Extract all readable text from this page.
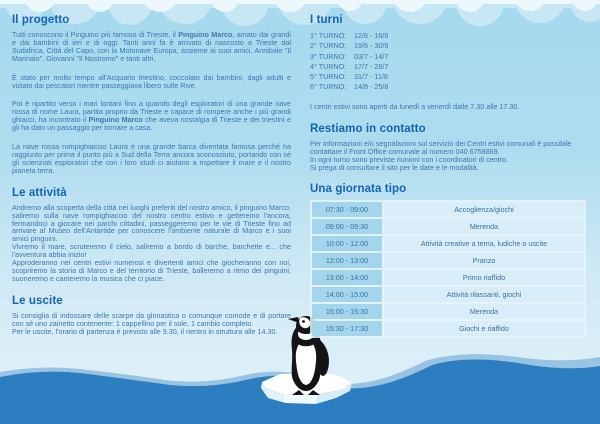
Il progetto

Tutti conoscono il Pinguino più famoso di Trieste, il Pinguino Marco, amato dai grandi e dai bambini di ieri e di oggi. Tanti anni fa è arrivato di nascosto a Trieste dal Sudafrica, Città del Capo, con la Motonave Europa, assieme ai suoi amici, Annibale "Il Marinaio", Giovanni "Il Nostromo" e tanti altri.

È stato per molto tempo all'Acquario triestino, coccolato dai bambini, dagli adulti e viziato dai pescatori mentre passeggiava libero sulle Rive.

Poi è ripartito verso i mari lontani fino a quando degli esploratori di una grande nave rossa di nome Laura, partita proprio da Trieste e capace di rompere anche i più grandi ghiacci, ha incontrato il Pinguino Marco che aveva nostalgia di Trieste e dei triestini e gli ha dato un passaggio per tornare a casa.

La nave rossa rompighiaccio Laura è una grande barca diventata famosa perché ha raggiunto per prima il punto più a Sud della Terra ancora sconosciuto, portando con sé gli scienziati esploratori che con i loro studi ci aiutano a rispettare il mare e il nostro pianeta terra.

Le attività

Andremo alla scoperta della città nei luoghi preferiti del nostro amico, il pinguino Marco, saliremo sulla nave rompighiaccio del nostro centro estivo e getteremo l'ancora, fermandoci a giocare nei parchi cittadini, passeggeremo per le vie di Trieste fino ad arrivare al Museo dell'Antartide per conoscere l'ambiente naturale di Marco e i suoi amici pinguini.

Vivremo il mare, scruteremo il cielo, saliremo a bordo di barche, barchette e... che l'avventura abbia inizio!

Approderanno nei centri estivi numerosi e divertenti amici che giocheranno con noi, scopriremo la storia di Marco e del territorio di Trieste, balleremo a ritmo dei pinguini, suoneremo e canteremo la musica che ci piace.

Le uscite

Si consiglia di indossare delle scarpe da ginnastica o comunque comode e di portare con sé uno zainetto contenente: 1 cappellino per il sole, 1 cambio completo.

Per le uscite, l'orario di partenza è previsto alle 9.30, il rientro in struttura alle 14.30.

I turni
1° TURNO:	12/6 - 16/6
2° TURNO:	19/6 - 30/6
3° TURNO:	03/7 - 14/7
4° TURNO:	17/7 - 28/7
5° TURNO:	31/7 - 11/8
6° TURNO:	14/8 - 25/8

I centri estivi sono aperti da lunedì a venerdì dalle 7.30 alle 17.30.

Restiamo in contatto

Per informazioni e/o segnalazioni sul servizio dei Centri estivi comunali è possibile contattare il Front Office comunale al numero 040 6758869.

In ogni turno sono previste riunioni con i coordinatori di centro.

Si prega di consultare il sito per le date e le modalità.

Una giornata tipo
07:30 - 09:00	Accoglienza/giochi
09:00 - 09:30	Merenda
10:00 - 12:00	Attività creative a tema, ludiche o uscite
12:00 - 13:00	Pranzo
13:00 - 14:00	Primo riaffido
14:00 - 15:00	Attività rilassanti, giochi
15:00 - 15:30	Merenda
15:30 - 17:30	Giochi e riaffido
